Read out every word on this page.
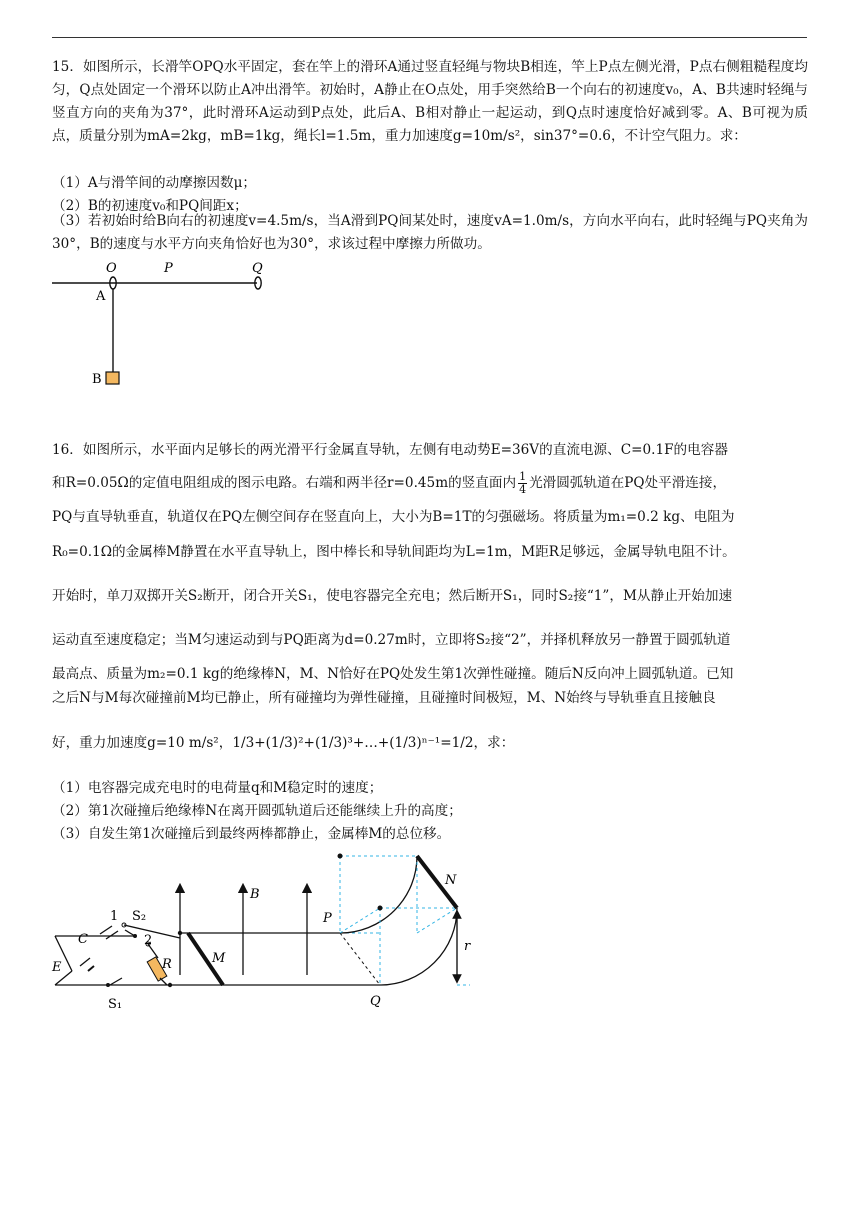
15．如图所示，长滑竿OPQ水平固定，套在竿上的滑环A通过竖直轻绳与物块B相连，竿上P点左侧光滑，P点右侧粗糙程度均匀，Q点处固定一个滑环以防止A冲出滑竿。初始时，A静止在O点处，用手突然给B一个向右的初速度v₀，A、B共速时轻绳与竖直方向的夹角为37°，此时滑环A运动到P点处，此后A、B相对静止一起运动，到Q点时速度恰好减到零。A、B可视为质点，质量分别为mA=2kg，mB=1kg，绳长l=1.5m，重力加速度g=10m/s²，sin37°=0.6，不计空气阻力。求：
（1）A与滑竿间的动摩擦因数μ；
（2）B的初速度v₀和PQ间距x；
（3）若初始时给B向右的初速度v=4.5m/s，当A滑到PQ间某处时，速度vA=1.0m/s，方向水平向右，此时轻绳与PQ夹角为30°，B的速度与水平方向夹角恰好也为30°，求该过程中摩擦力所做功。
O	P	Q
A
B
16．如图所示，水平面内足够长的两光滑平行金属直导轨，左侧有电动势E=36V的直流电源、C=0.1F的电容器
和R=0.05Ω的定值电阻组成的图示电路。右端和两半径r=0.45m的竖直面内 $\frac{1}{4}$ 光滑圆弧轨道在PQ处平滑连接，
PQ与直导轨垂直，轨道仅在PQ左侧空间存在竖直向上，大小为B=1T的匀强磁场。将质量为m₁=0.2 kg、电阻为
R₀=0.1Ω的金属棒M静置在水平直导轨上，图中棒长和导轨间距均为L=1m，M距R足够远，金属导轨电阻不计。
开始时，单刀双掷开关S₂断开，闭合开关S₁，使电容器完全充电；然后断开S₁，同时S₂接“1”，M从静止开始加速
运动直至速度稳定；当M匀速运动到与PQ距离为d=0.27m时，立即将S₂接“2”，并择机释放另一静置于圆弧轨道
最高点、质量为m₂=0.1 kg的绝缘棒N，M、N恰好在PQ处发生第1次弹性碰撞。随后N反向冲上圆弧轨道。已知
之后N与M每次碰撞前M均已静止，所有碰撞均为弹性碰撞，且碰撞时间极短，M、N始终与导轨垂直且接触良
好，重力加速度g=10 m/s²，1/3+(1/3)²+(1/3)³+…+(1/3)ⁿ⁻¹=1/2，求：
（1）电容器完成充电时的电荷量q和M稳定时的速度；
（2）第1次碰撞后绝缘棒N在离开圆弧轨道后还能继续上升的高度；
（3）自发生第1次碰撞后到最终两棒都静止，金属棒M的总位移。
1 S₂
2
C
E	R
S₁
M
B
P
Q
N
r
